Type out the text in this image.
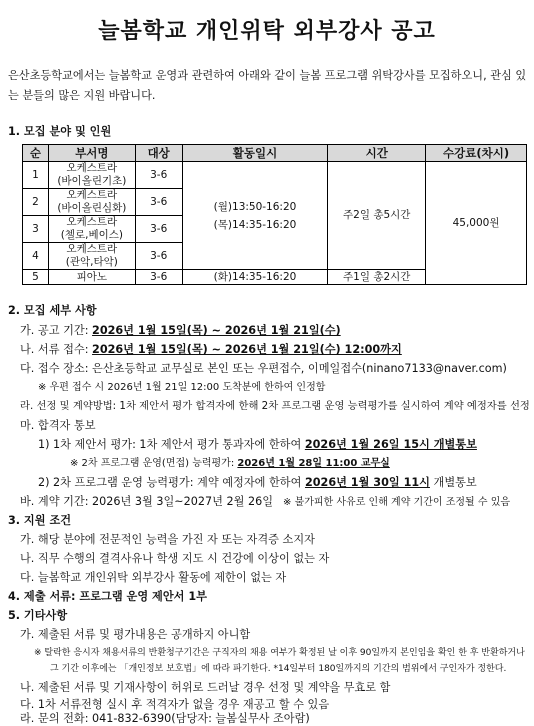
늘봄학교 개인위탁 외부강사 공고
은산초등학교에서는 늘봄학교 운영과 관련하여 아래와 같이 늘봄 프로그램 위탁강사를 모집하오니, 관심 있는 분들의 많은 지원 바랍니다.
1. 모집 분야 및 인원
순	부서명	대상	활동일시	시간	수강료(차시)
1	오케스트라
(바이올린기초)	3-6	(월)13:50-16:20
(목)14:35-16:20	주2일 총5시간	45,000원
2	오케스트라
(바이올린심화)	3-6			
3	오케스트라
(첼로,베이스)	3-6			
4	오케스트라
(관악,타악)	3-6			
5	피아노	3-6	(화)14:35-16:20	주1일 총2시간	
2. 모집 세부 사항
가. 공고 기간: 2026년 1월 15일(목) ~ 2026년 1월 21일(수)
나. 서류 접수: 2026년 1월 15일(목) ~ 2026년 1월 21일(수) 12:00까지
다. 접수 장소: 은산초등학교 교무실로 본인 또는 우편접수, 이메일접수(ninano7133@naver.com)
※ 우편 접수 시 2026년 1월 21일 12:00 도착분에 한하여 인정함
라. 선정 및 계약방법: 1차 제안서 평가 합격자에 한해 2차 프로그램 운영 능력평가를 실시하여 계약 예정자를 선정
마. 합격자 통보
1) 1차 제안서 평가: 1차 제안서 평가 통과자에 한하여 2026년 1월 26일 15시 개별통보
※ 2차 프로그램 운영(면접) 능력평가: 2026년 1월 28일 11:00 교무실
2) 2차 프로그램 운영 능력평가: 계약 예정자에 한하여 2026년 1월 30일 11시 개별통보
바. 계약 기간: 2026년 3월 3일~2027년 2월 26일 ※ 불가피한 사유로 인해 계약 기간이 조정될 수 있음
3. 지원 조건
가. 해당 분야에 전문적인 능력을 가진 자 또는 자격증 소지자
나. 직무 수행의 결격사유나 학생 지도 시 건강에 이상이 없는 자
다. 늘봄학교 개인위탁 외부강사 활동에 제한이 없는 자
4. 제출 서류: 프로그램 운영 제안서 1부
5. 기타사항
가. 제출된 서류 및 평가내용은 공개하지 아니함
※ 탈락한 응시자 채용서류의 반환청구기간은 구직자의 채용 여부가 확정된 날 이후 90일까지 본인임을 확인 한 후 반환하거나
그 기간 이후에는 「개인정보 보호법」에 따라 파기한다. *14일부터 180일까지의 기간의 범위에서 구인자가 정한다.
나. 제출된 서류 및 기재사항이 허위로 드러날 경우 선정 및 계약을 무효로 함
다. 1차 서류전형 실시 후 적격자가 없을 경우 재공고 할 수 있음
라. 문의 전화: 041-832-6390(담당자: 늘봄실무사 조아람)
